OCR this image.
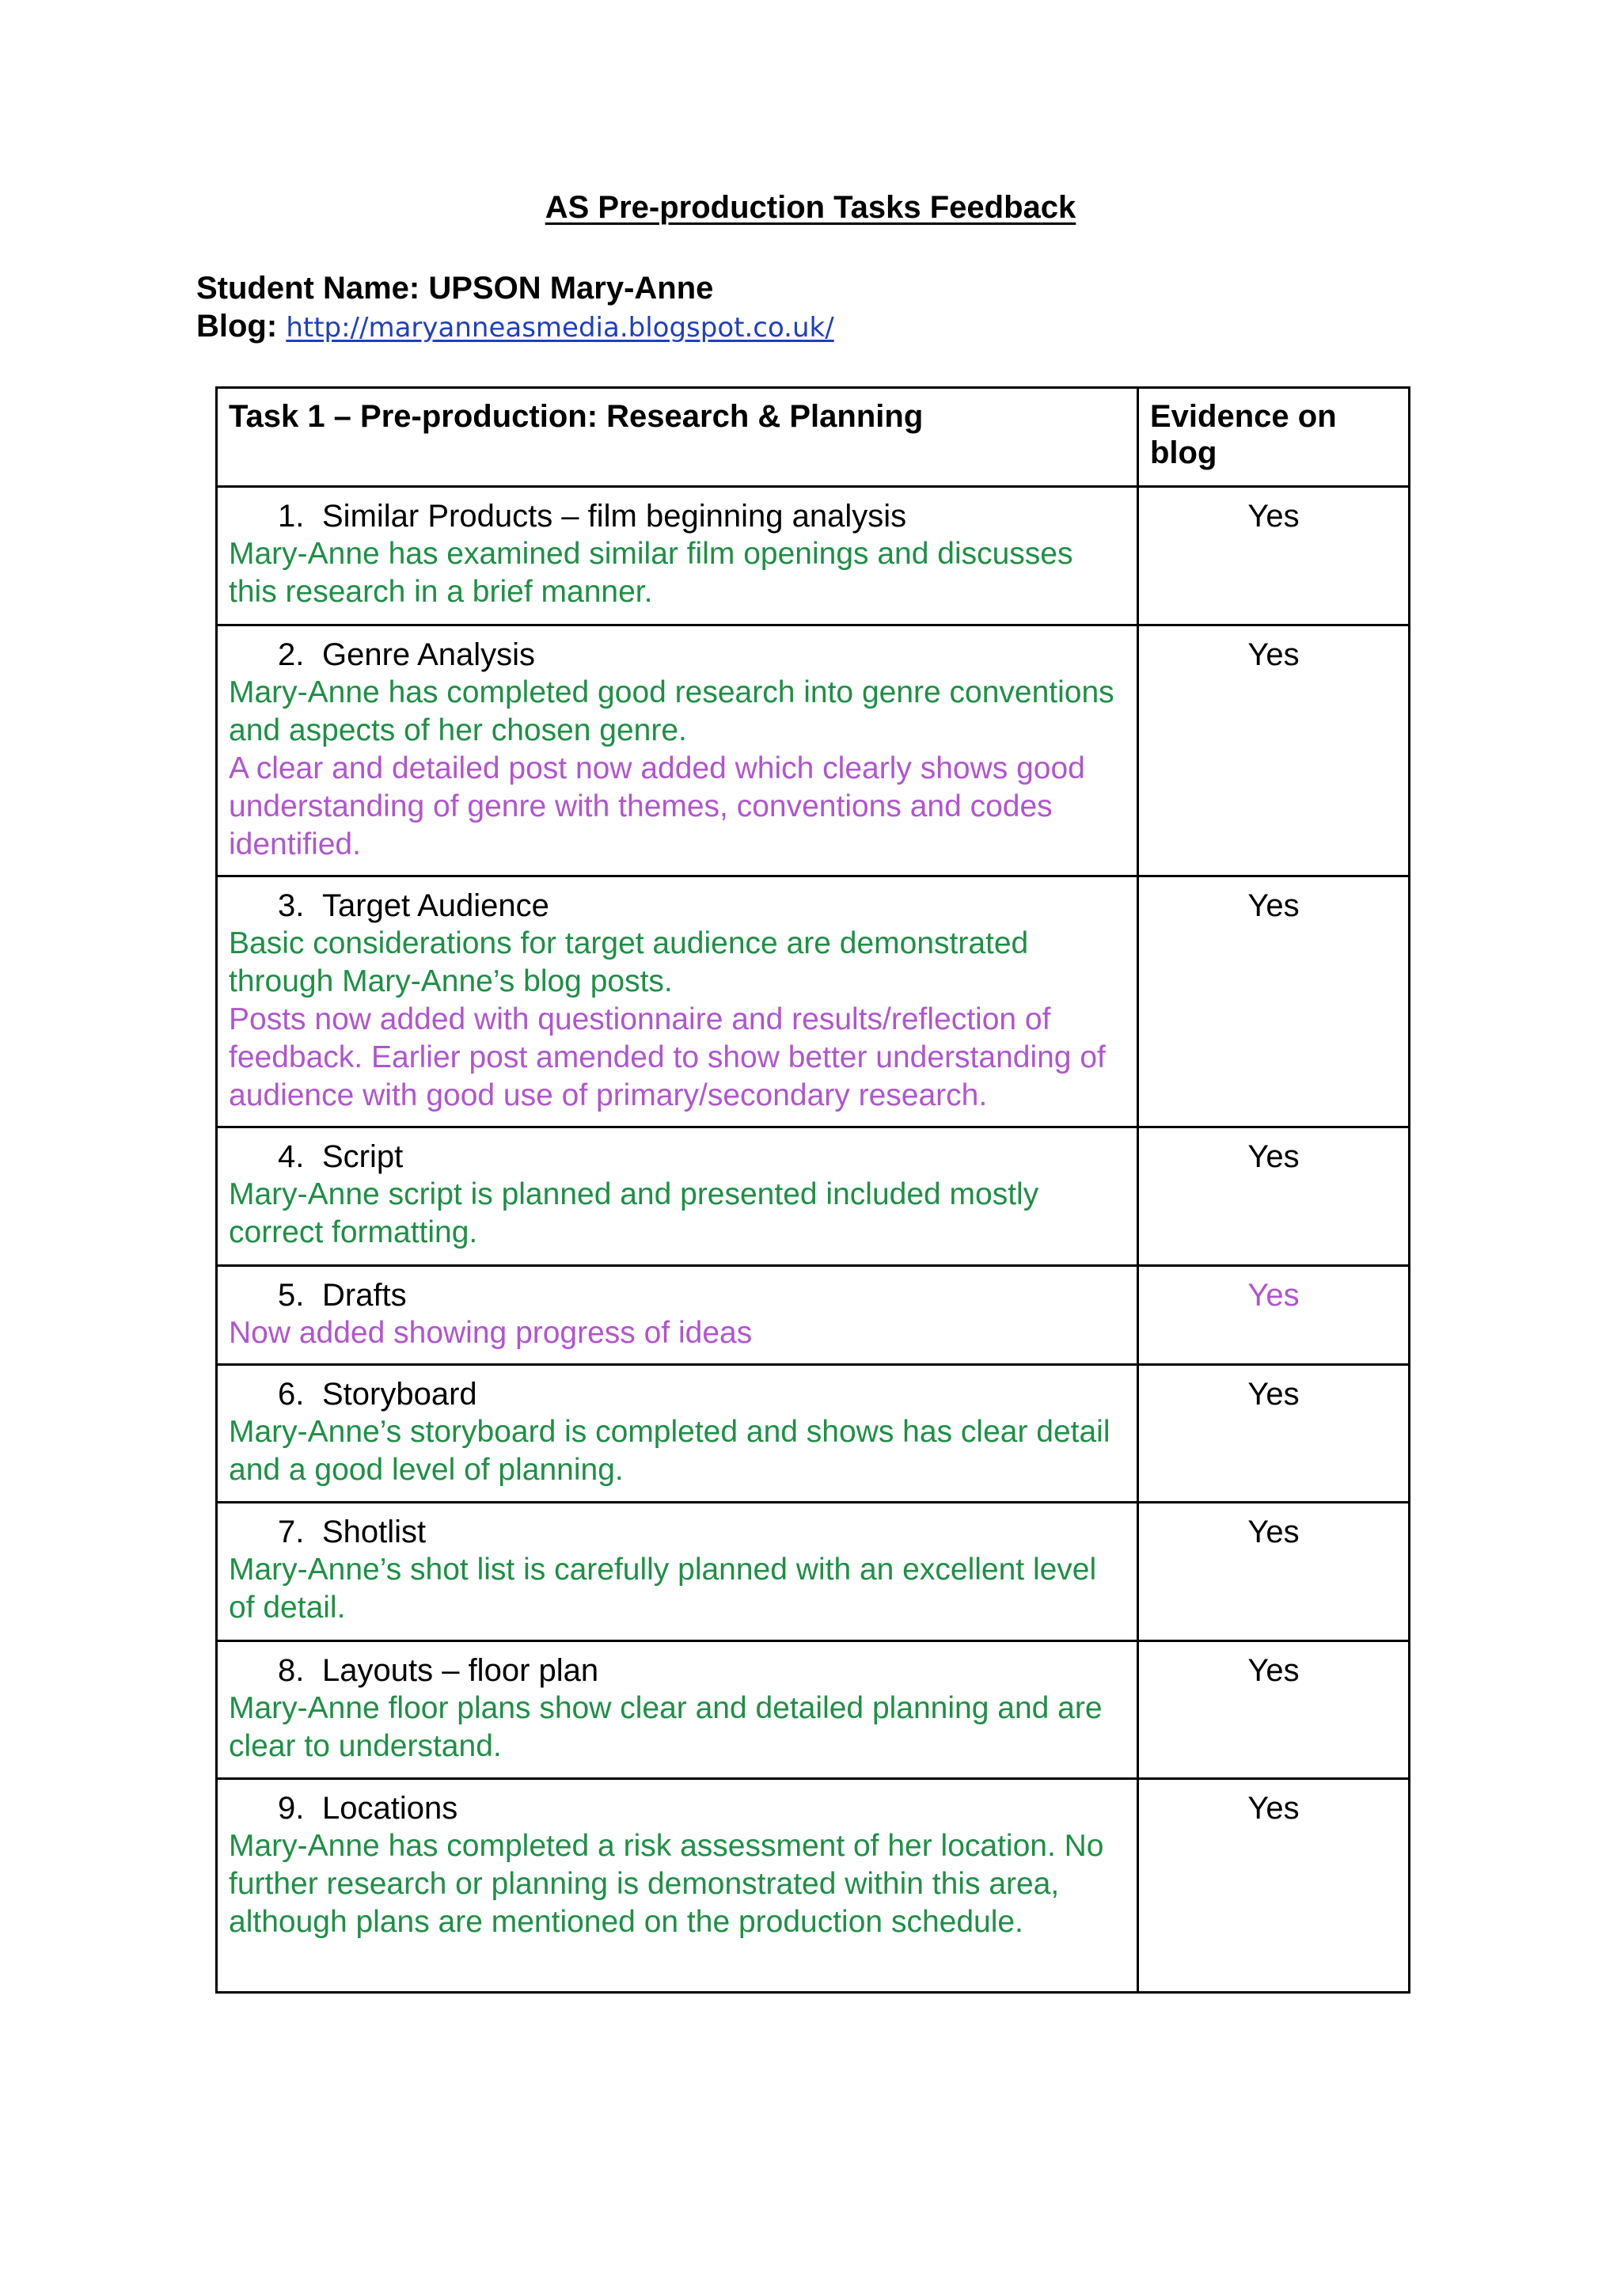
AS Pre-production Tasks Feedback
Student Name: UPSON Mary-Anne
Blog: http://maryanneasmedia.blogspot.co.uk/
Task 1 – Pre-production: Research & Planning	Evidence on blog

1. Similar Products – film beginning analysis
Mary-Anne has examined similar film openings and discusses this research in a brief manner.	Yes

2. Genre Analysis
Mary-Anne has completed good research into genre conventions and aspects of her chosen genre.
A clear and detailed post now added which clearly shows good understanding of genre with themes, conventions and codes identified.	Yes

3. Target Audience
Basic considerations for target audience are demonstrated through Mary-Anne’s blog posts.
Posts now added with questionnaire and results/reflection of feedback. Earlier post amended to show better understanding of audience with good use of primary/secondary research.	Yes

4. Script
Mary-Anne script is planned and presented included mostly correct formatting.	Yes

5. Drafts
Now added showing progress of ideas	Yes

6. Storyboard
Mary-Anne’s storyboard is completed and shows has clear detail and a good level of planning.	Yes

7. Shotlist
Mary-Anne’s shot list is carefully planned with an excellent level of detail.	Yes

8. Layouts – floor plan
Mary-Anne floor plans show clear and detailed planning and are clear to understand.	Yes

9. Locations
Mary-Anne has completed a risk assessment of her location. No further research or planning is demonstrated within this area, although plans are mentioned on the production schedule.	Yes
